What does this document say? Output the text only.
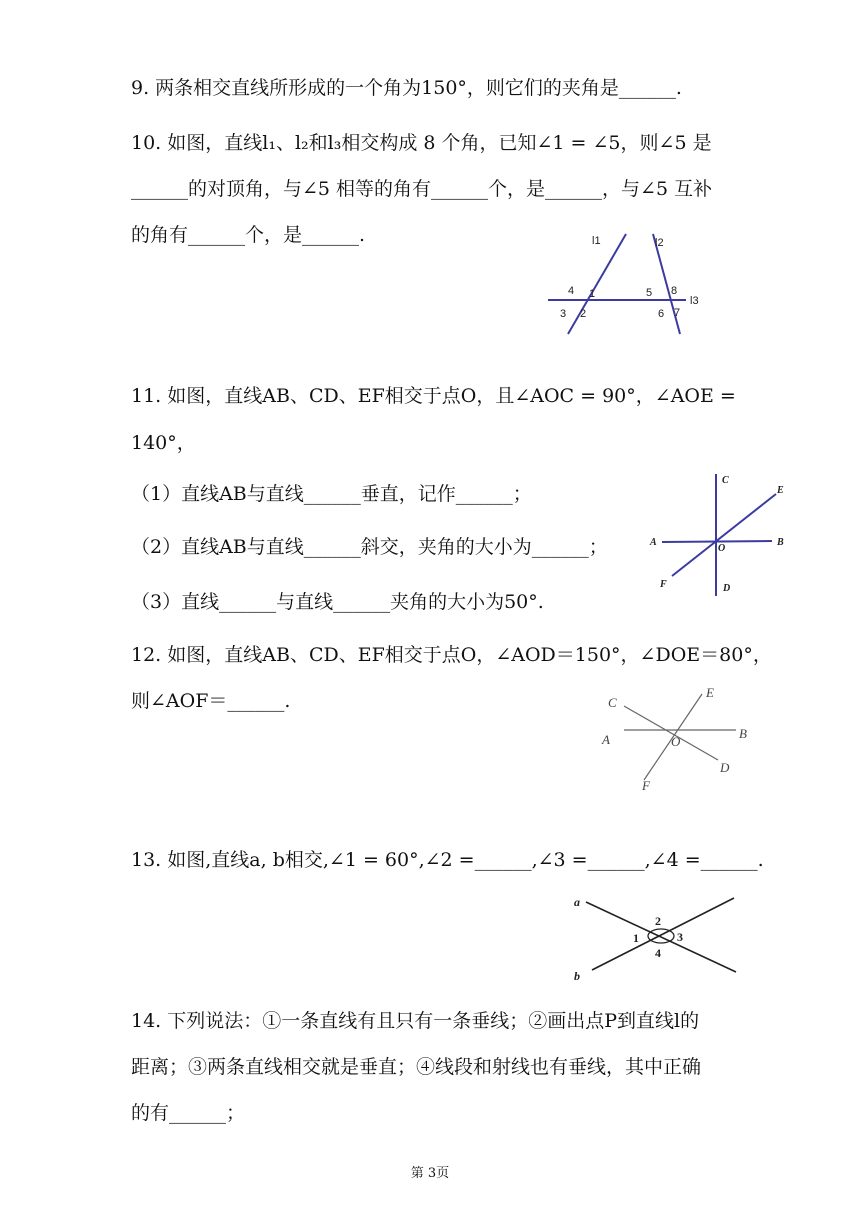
9. 两条相交直线所形成的一个角为150°，则它们的夹角是______.
10. 如图，直线l₁、l₂和l₃相交构成 8 个角，已知∠1 = ∠5，则∠5 是
______的对顶角，与∠5 相等的角有______个，是______，与∠5 互补
的角有______个，是______.	l1	l2
l3
1
2
3
4	5
6 7
8
11. 如图，直线AB、CD、EF相交于点O，且∠AOC = 90°，∠AOE =
140°，
（1）直线AB与直线______垂直，记作______；
（2）直线AB与直线______斜交，夹角的大小为______；
（3）直线______与直线______夹角的大小为50°.
C
E
A
O
B
F	D
12. 如图，直线AB、CD、EF相交于点O，∠AOD＝150°，∠DOE＝80°，
则∠AOF＝______.	C
E
A	O
B
D
F
13. 如图,直线a, b相交,∠1 = 60°,∠2 =______,∠3 =______,∠4 =______.
a
b
1
2
3
4
14. 下列说法：①一条直线有且只有一条垂线；②画出点P到直线l的
距离；③两条直线相交就是垂直；④线段和射线也有垂线，其中正确
的有______；
第 3页
